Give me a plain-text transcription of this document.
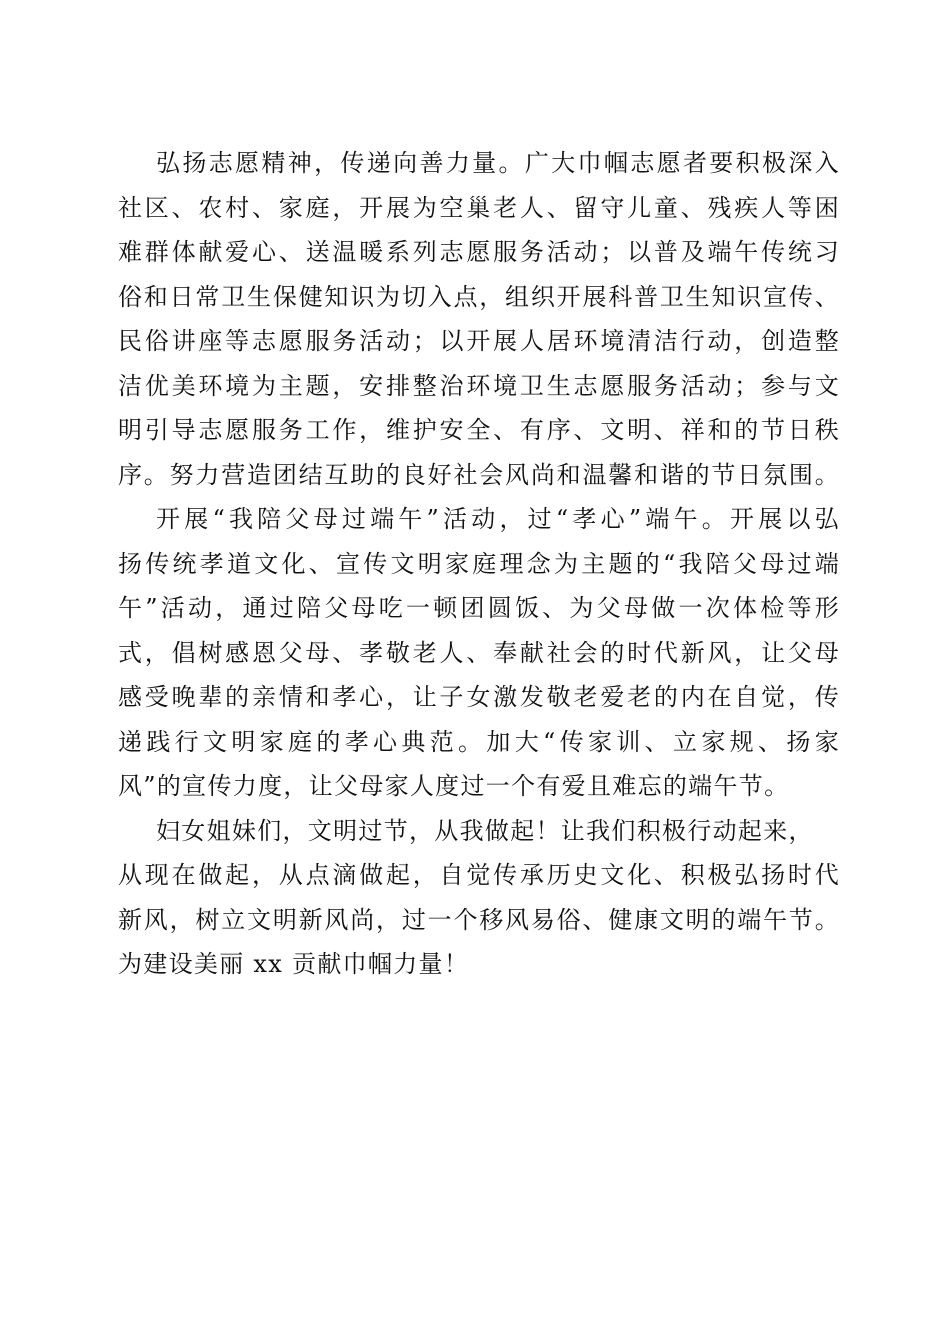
弘扬志愿精神，传递向善力量。广大巾帼志愿者要积极深入
社区、农村、家庭，开展为空巢老人、留守儿童、残疾人等困
难群体献爱心、送温暖系列志愿服务活动；以普及端午传统习
俗和日常卫生保健知识为切入点，组织开展科普卫生知识宣传、
民俗讲座等志愿服务活动；以开展人居环境清洁行动，创造整
洁优美环境为主题，安排整治环境卫生志愿服务活动；参与文
明引导志愿服务工作，维护安全、有序、文明、祥和的节日秩
序。努力营造团结互助的良好社会风尚和温馨和谐的节日氛围。
开展“我陪父母过端午”活动，过“孝心”端午。开展以弘
扬传统孝道文化、宣传文明家庭理念为主题的“我陪父母过端
午”活动，通过陪父母吃一顿团圆饭、为父母做一次体检等形
式，倡树感恩父母、孝敬老人、奉献社会的时代新风，让父母
感受晚辈的亲情和孝心，让子女激发敬老爱老的内在自觉，传
递践行文明家庭的孝心典范。加大“传家训、立家规、扬家
风”的宣传力度，让父母家人度过一个有爱且难忘的端午节。
妇女姐妹们，文明过节，从我做起！让我们积极行动起来，
从现在做起，从点滴做起，自觉传承历史文化、积极弘扬时代
新风，树立文明新风尚，过一个移风易俗、健康文明的端午节。
为建设美丽 xx 贡献巾帼力量！
